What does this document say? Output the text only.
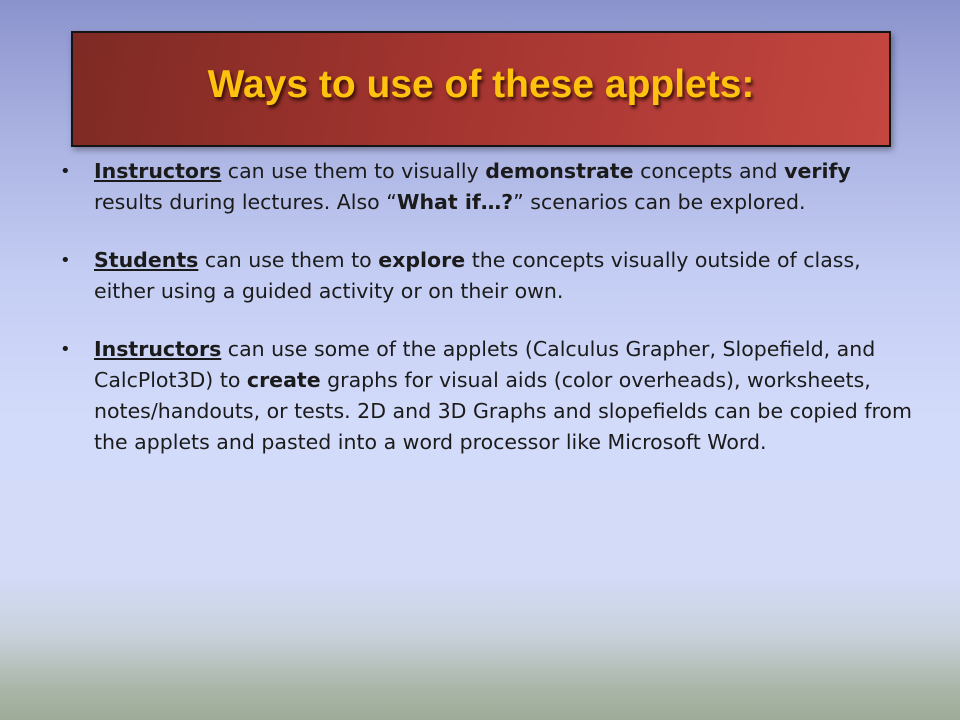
Ways to use of these applets:
• Instructors can use them to visually demonstrate concepts and verify results during lectures. Also “What if…?” scenarios can be explored.
• Students can use them to explore the concepts visually outside of class, either using a guided activity or on their own.
• Instructors can use some of the applets (Calculus Grapher, Slopefield, and CalcPlot3D) to create graphs for visual aids (color overheads), worksheets, notes/handouts, or tests. 2D and 3D Graphs and slopefields can be copied from the applets and pasted into a word processor like Microsoft Word.
